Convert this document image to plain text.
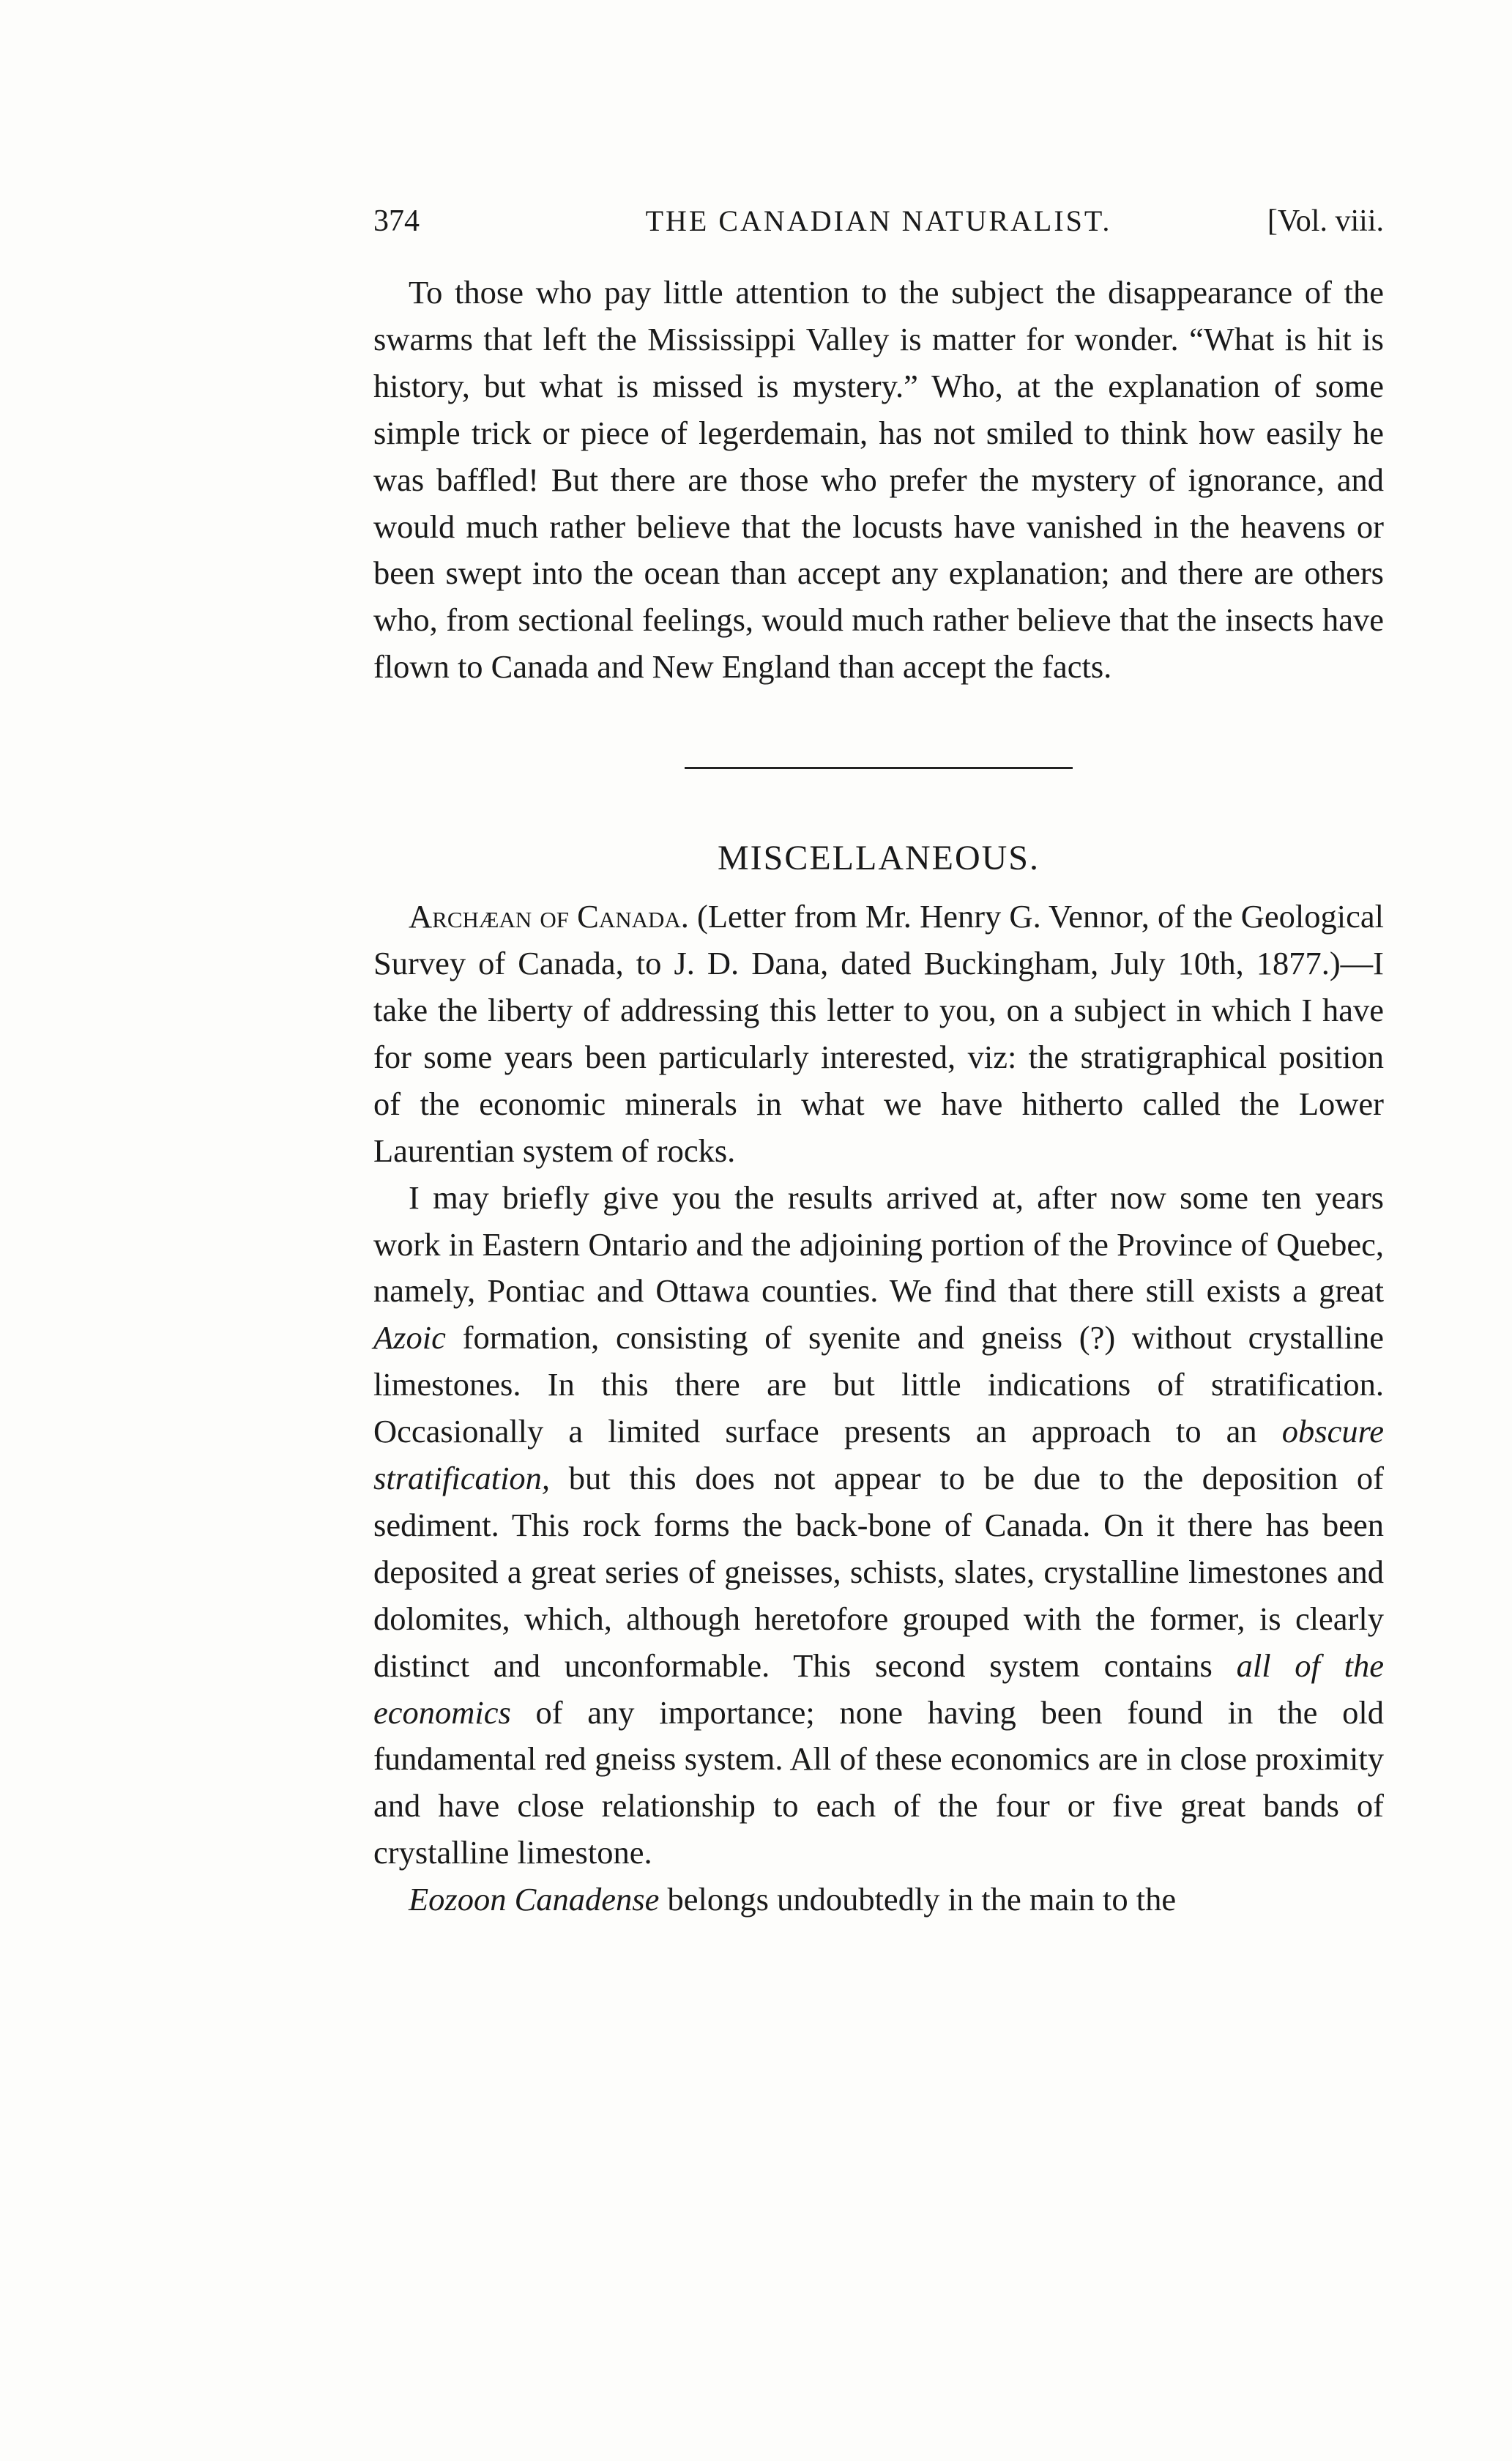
374	THE CANADIAN NATURALIST.	[Vol. viii.

To those who pay little attention to the subject the disappearance of the swarms that left the Mississippi Valley is matter for wonder. “What is hit is history, but what is missed is mystery.” Who, at the explanation of some simple trick or piece of legerdemain, has not smiled to think how easily he was baffled! But there are those who prefer the mystery of ignorance, and would much rather believe that the locusts have vanished in the heavens or been swept into the ocean than accept any explanation; and there are others who, from sectional feelings, would much rather believe that the insects have flown to Canada and New England than accept the facts.

MISCELLANEOUS.

Archæan of Canada. (Letter from Mr. Henry G. Vennor, of the Geological Survey of Canada, to J. D. Dana, dated Buckingham, July 10th, 1877.)—I take the liberty of addressing this letter to you, on a subject in which I have for some years been particularly interested, viz: the stratigraphical position of the economic minerals in what we have hitherto called the Lower Laurentian system of rocks.

I may briefly give you the results arrived at, after now some ten years work in Eastern Ontario and the adjoining portion of the Province of Quebec, namely, Pontiac and Ottawa counties. We find that there still exists a great Azoic formation, consisting of syenite and gneiss (?) without crystalline limestones. In this there are but little indications of stratification. Occasionally a limited surface presents an approach to an obscure stratification, but this does not appear to be due to the deposition of sediment. This rock forms the back-bone of Canada. On it there has been deposited a great series of gneisses, schists, slates, crystalline limestones and dolomites, which, although heretofore grouped with the former, is clearly distinct and unconformable. This second system contains all of the economics of any importance; none having been found in the old fundamental red gneiss system. All of these economics are in close proximity and have close relationship to each of the four or five great bands of crystalline limestone.

Eozoon Canadense belongs undoubtedly in the main to the
